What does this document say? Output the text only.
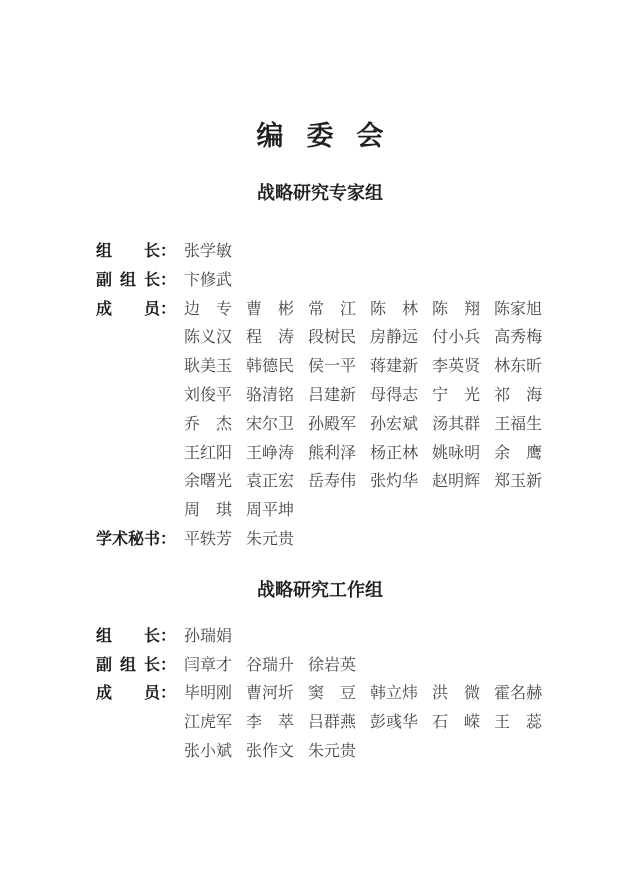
编委会
战略研究专家组
组长 ： 张学敏
副组长 ： 卞修武
成员 ： 边专 曹彬 常江 陈林 陈翔 陈家旭
陈义汉 程涛 段树民 房静远 付小兵 高秀梅
耿美玉 韩德民 侯一平 蒋建新 李英贤 林东昕
刘俊平 骆清铭 吕建新 母得志 宁光 祁海
乔杰 宋尔卫 孙殿军 孙宏斌 汤其群 王福生
王红阳 王峥涛 熊利泽 杨正林 姚咏明 余鹰
余曙光 袁正宏 岳寿伟 张灼华 赵明辉 郑玉新
周琪 周平坤
学术秘书 ： 平轶芳 朱元贵
战略研究工作组
组长 ： 孙瑞娟
副组长 ： 闫章才 谷瑞升 徐岩英
成员 ： 毕明刚 曹河圻 窦豆 韩立炜 洪微 霍名赫
江虎军 李萃 吕群燕 彭彧华 石嵘 王蕊
张小斌 张作文 朱元贵
